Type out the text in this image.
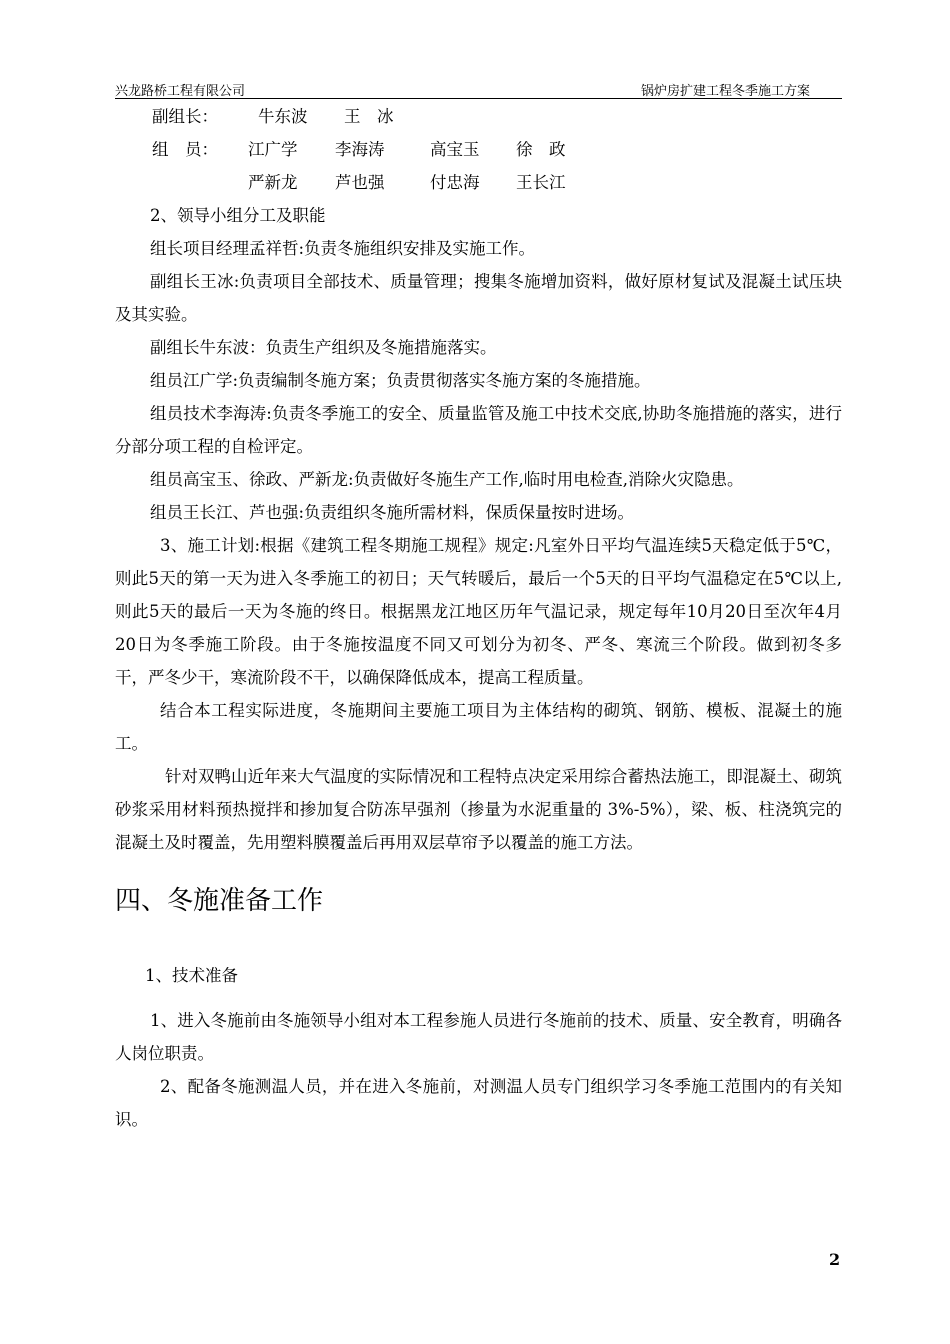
兴龙路桥工程有限公司	锅炉房扩建工程冬季施工方案
副组长： 牛东波 王　冰
组　员： 江广学 李海涛	高宝玉 徐　政
严新龙 芦也强	付忠海 王长江

2、领导小组分工及职能

组长项目经理孟祥哲:负责冬施组织安排及实施工作。

副组长王冰:负责项目全部技术、质量管理；搜集冬施增加资料，做好原材复试及混凝土试压块及其实验。

副组长牛东波：负责生产组织及冬施措施落实。

组员江广学:负责编制冬施方案；负责贯彻落实冬施方案的冬施措施。

组员技术李海涛:负责冬季施工的安全、质量监管及施工中技术交底,协助冬施措施的落实，进行分部分项工程的自检评定。

组员高宝玉、徐政、严新龙:负责做好冬施生产工作,临时用电检查,消除火灾隐患。

组员王长江、芦也强:负责组织冬施所需材料，保质保量按时进场。

3、施工计划:根据《建筑工程冬期施工规程》规定:凡室外日平均气温连续5天稳定低于5℃，则此5天的第一天为进入冬季施工的初日；天气转暖后，最后一个5天的日平均气温稳定在5℃以上,则此5天的最后一天为冬施的终日。根据黑龙江地区历年气温记录，规定每年10月20日至次年4月20日为冬季施工阶段。由于冬施按温度不同又可划分为初冬、严冬、寒流三个阶段。做到初冬多干，严冬少干，寒流阶段不干，以确保降低成本，提高工程质量。

结合本工程实际进度，冬施期间主要施工项目为主体结构的砌筑、钢筋、模板、混凝土的施工。

针对双鸭山近年来大气温度的实际情况和工程特点决定采用综合蓄热法施工，即混凝土、砌筑砂浆采用材料预热搅拌和掺加复合防冻早强剂（掺量为水泥重量的 3%-5%），梁、板、柱浇筑完的混凝土及时覆盖，先用塑料膜覆盖后再用双层草帘予以覆盖的施工方法。

四、冬施准备工作

1、技术准备

1、进入冬施前由冬施领导小组对本工程参施人员进行冬施前的技术、质量、安全教育，明确各人岗位职责。

2、配备冬施测温人员，并在进入冬施前，对测温人员专门组织学习冬季施工范围内的有关知识。

2
